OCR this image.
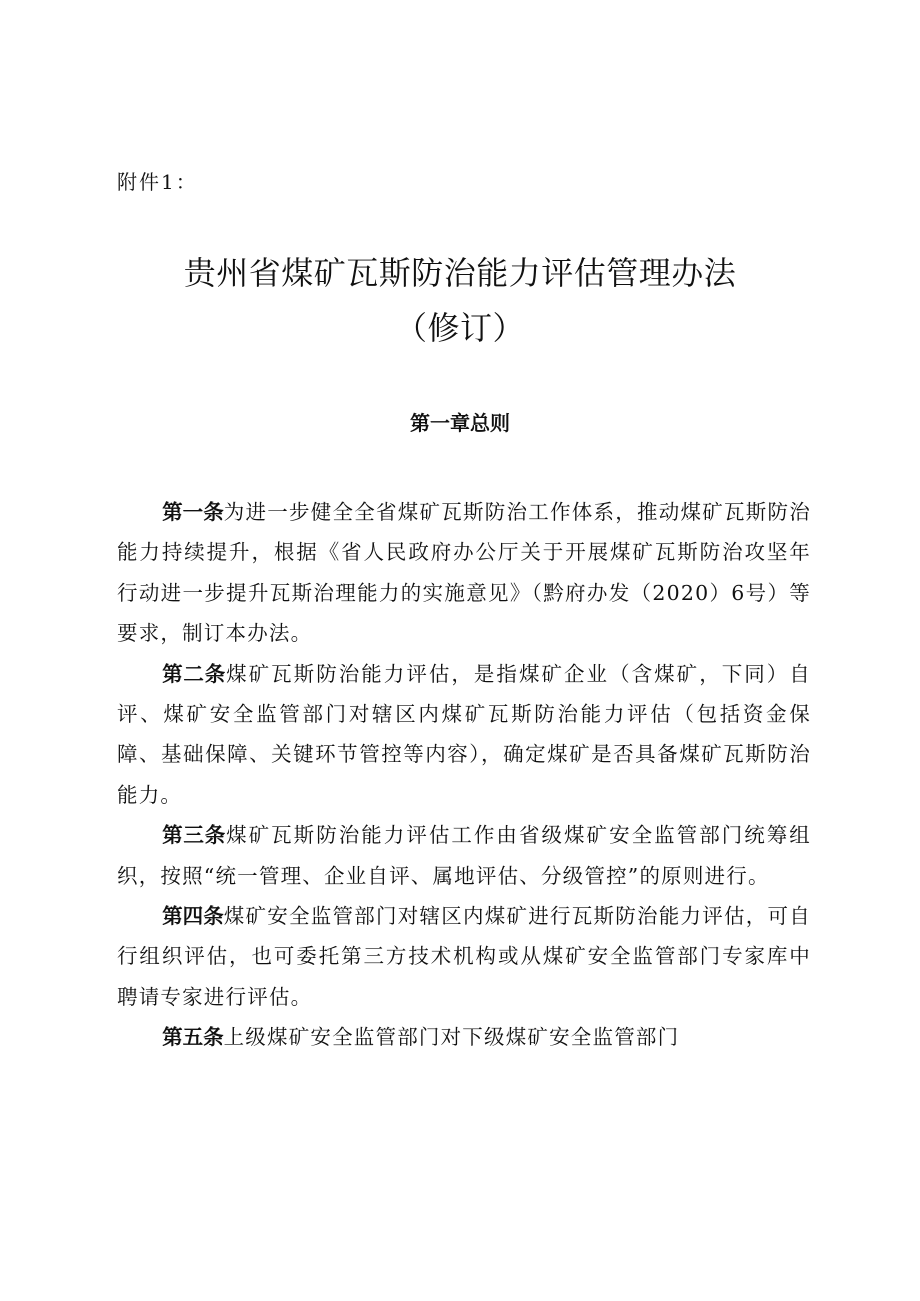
附件1：
贵州省煤矿瓦斯防治能力评估管理办法
（修订）
第一章总则

第一条为进一步健全全省煤矿瓦斯防治工作体系，推动煤矿瓦斯防治能力持续提升，根据《省人民政府办公厅关于开展煤矿瓦斯防治攻坚年行动进一步提升瓦斯治理能力的实施意见》（黔府办发（2020）6号）等要求，制订本办法。

第二条煤矿瓦斯防治能力评估，是指煤矿企业（含煤矿，下同）自评、煤矿安全监管部门对辖区内煤矿瓦斯防治能力评估（包括资金保障、基础保障、关键环节管控等内容），确定煤矿是否具备煤矿瓦斯防治能力。

第三条煤矿瓦斯防治能力评估工作由省级煤矿安全监管部门统筹组织，按照“统一管理、企业自评、属地评估、分级管控”的原则进行。

第四条煤矿安全监管部门对辖区内煤矿进行瓦斯防治能力评估，可自行组织评估，也可委托第三方技术机构或从煤矿安全监管部门专家库中聘请专家进行评估。

第五条上级煤矿安全监管部门对下级煤矿安全监管部门
